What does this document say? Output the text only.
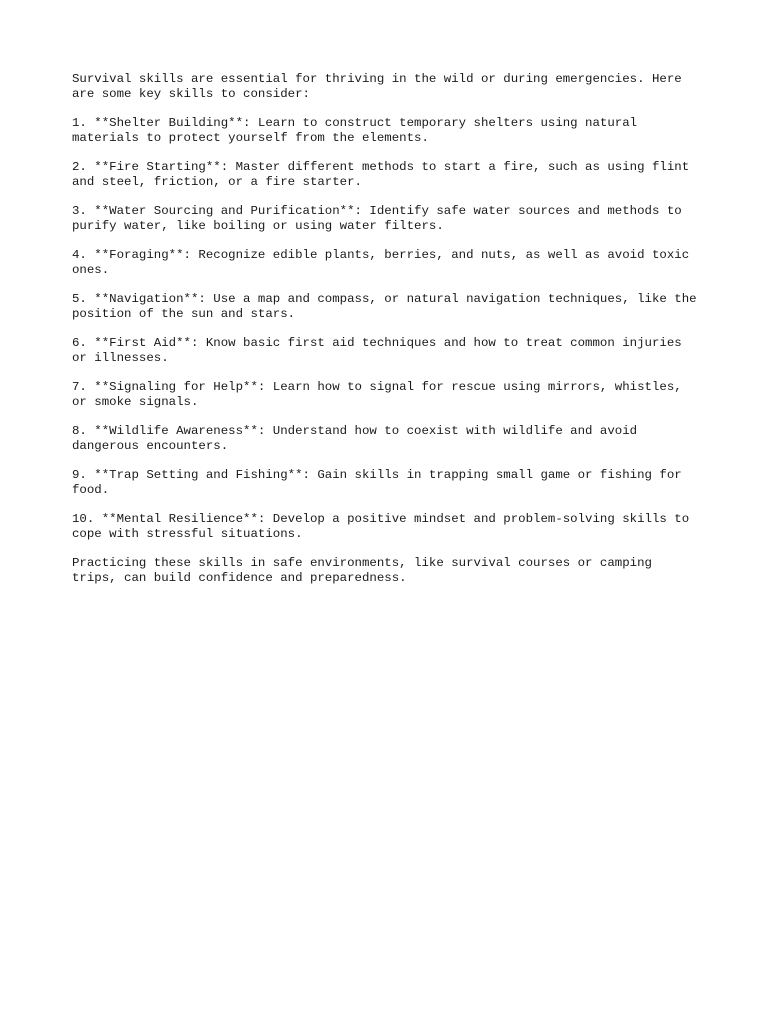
Survival skills are essential for thriving in the wild or during emergencies. Here are some key skills to consider:

1. **Shelter Building**: Learn to construct temporary shelters using natural materials to protect yourself from the elements.

2. **Fire Starting**: Master different methods to start a fire, such as using flint and steel, friction, or a fire starter.

3. **Water Sourcing and Purification**: Identify safe water sources and methods to purify water, like boiling or using water filters.

4. **Foraging**: Recognize edible plants, berries, and nuts, as well as avoid toxic ones.

5. **Navigation**: Use a map and compass, or natural navigation techniques, like the position of the sun and stars.

6. **First Aid**: Know basic first aid techniques and how to treat common injuries or illnesses.

7. **Signaling for Help**: Learn how to signal for rescue using mirrors, whistles, or smoke signals.

8. **Wildlife Awareness**: Understand how to coexist with wildlife and avoid dangerous encounters.

9. **Trap Setting and Fishing**: Gain skills in trapping small game or fishing for food.

10. **Mental Resilience**: Develop a positive mindset and problem-solving skills to cope with stressful situations.

Practicing these skills in safe environments, like survival courses or camping trips, can build confidence and preparedness.
